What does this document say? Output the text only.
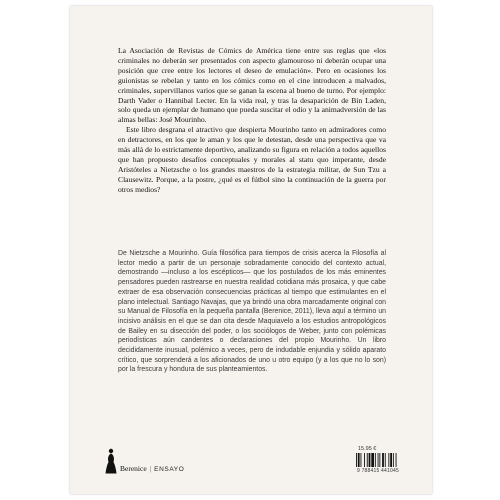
La Asociación de Revistas de Cómics de América tiene entre sus reglas que «los criminales no deberán ser presentados con aspecto glamouroso ni deberán ocupar una posición que cree entre los lectores el deseo de emulación». Pero en ocasiones los guionistas se rebelan y tanto en los cómics como en el cine introducen a malvados, criminales, supervillanos varios que se ganan la escena al bueno de turno. Por ejemplo: Darth Vader o Hannibal Lecter. En la vida real, y tras la desaparición de Bin Laden, solo queda un ejemplar de humano que pueda suscitar el odio y la animadversión de las almas bellas: José Mourinho.

Este libro desgrana el atractivo que despierta Mourinho tanto en admiradores como en detractores, en los que le aman y los que le detestan, desde una perspectiva que va más allá de lo estrictamente deportivo, analizando su figura en relación a todos aquellos que han propuesto desafíos conceptuales y morales al statu quo imperante, desde Aristóteles a Nietzsche o los grandes maestros de la estrategia militar, de Sun Tzu a Clausewitz. Porque, a la postre, ¿qué es el fútbol sino la continuación de la guerra por otros medios?

De Nietzsche a Mourinho. Guía filosófica para tiempos de crisis acerca la Filosofía al lector medio a partir de un personaje sobradamente conocido del contexto actual, demostrando —incluso a los escépticos— que los postulados de los más eminentes pensadores pueden rastrearse en nuestra realidad cotidiana más prosaica, y que cabe extraer de esa observación consecuencias prácticas al tiempo que estimulantes en el plano intelectual. Santiago Navajas, que ya brindó una obra marcadamente original con su Manual de Filosofía en la pequeña pantalla (Berenice, 2011), lleva aquí a término un incisivo análisis en el que se dan cita desde Maquiavelo a los estudios antropológicos de Bailey en su disección del poder, o los sociólogos de Weber, junto con polémicas periodísticas aún candentes o declaraciones del propio Mourinho. Un libro decididamente inusual, polémico a veces, pero de indudable enjundia y sólido aparato crítico, que sorprenderá a los aficionados de uno u otro equipo (y a los que no lo son) por la frescura y hondura de sus planteamientos.

Berenice | ENSAYO
15.95 €
9 788415 441045
